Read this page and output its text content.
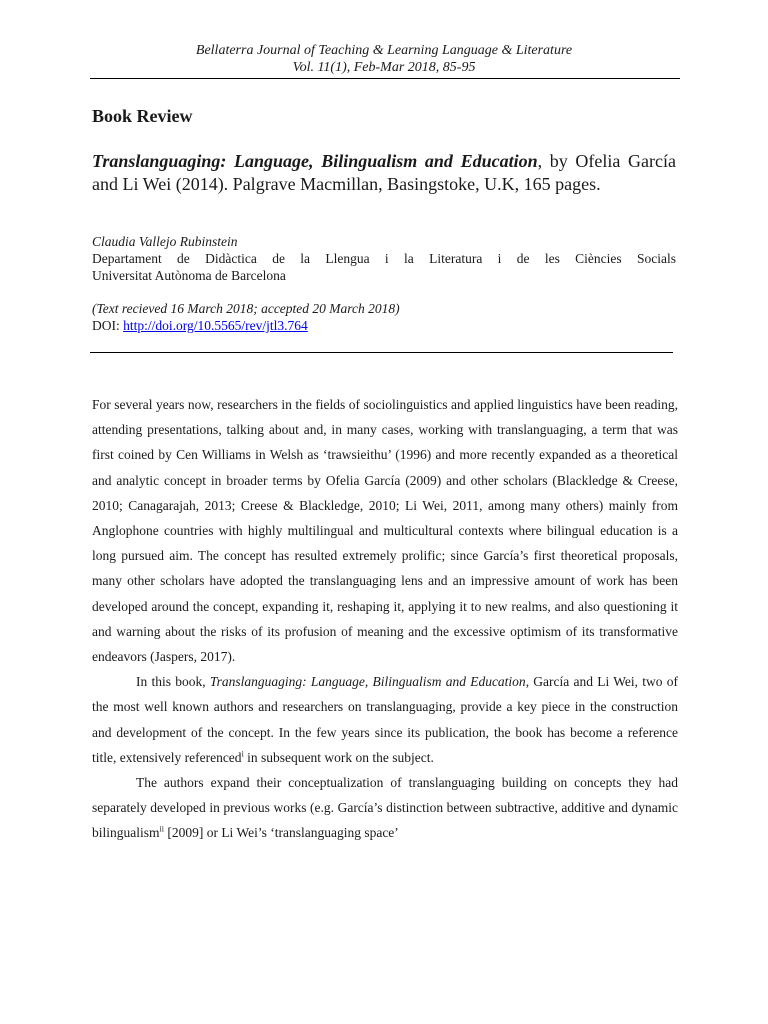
Bellaterra Journal of Teaching & Learning Language & Literature
Vol. 11(1), Feb-Mar 2018, 85-95
Book Review
Translanguaging: Language, Bilingualism and Education, by Ofelia García and Li Wei (2014). Palgrave Macmillan, Basingstoke, U.K, 165 pages.
Claudia Vallejo Rubinstein
Departament de Didàctica de la Llengua i la Literatura i de les Ciències Socials
Universitat Autònoma de Barcelona
(Text recieved 16 March 2018; accepted 20 March 2018)
DOI: http://doi.org/10.5565/rev/jtl3.764

For several years now, researchers in the fields of sociolinguistics and applied linguistics have been reading, attending presentations, talking about and, in many cases, working with translanguaging, a term that was first coined by Cen Williams in Welsh as ‘trawsieithu’ (1996) and more recently expanded as a theoretical and analytic concept in broader terms by Ofelia García (2009) and other scholars (Blackledge & Creese, 2010; Canagarajah, 2013; Creese & Blackledge, 2010; Li Wei, 2011, among many others) mainly from Anglophone countries with highly multilingual and multicultural contexts where bilingual education is a long pursued aim. The concept has resulted extremely prolific; since García’s first theoretical proposals, many other scholars have adopted the translanguaging lens and an impressive amount of work has been developed around the concept, expanding it, reshaping it, applying it to new realms, and also questioning it and warning about the risks of its profusion of meaning and the excessive optimism of its transformative endeavors (Jaspers, 2017).

In this book, Translanguaging: Language, Bilingualism and Education, García and Li Wei, two of the most well known authors and researchers on translanguaging, provide a key piece in the construction and development of the concept. In the few years since its publication, the book has become a reference title, extensively referenced$^i$ in subsequent work on the subject.

The authors expand their conceptualization of translanguaging building on concepts they had separately developed in previous works (e.g. García’s distinction between subtractive, additive and dynamic bilingualism$^{ii}$ [2009] or Li Wei’s ‘translanguaging space’
